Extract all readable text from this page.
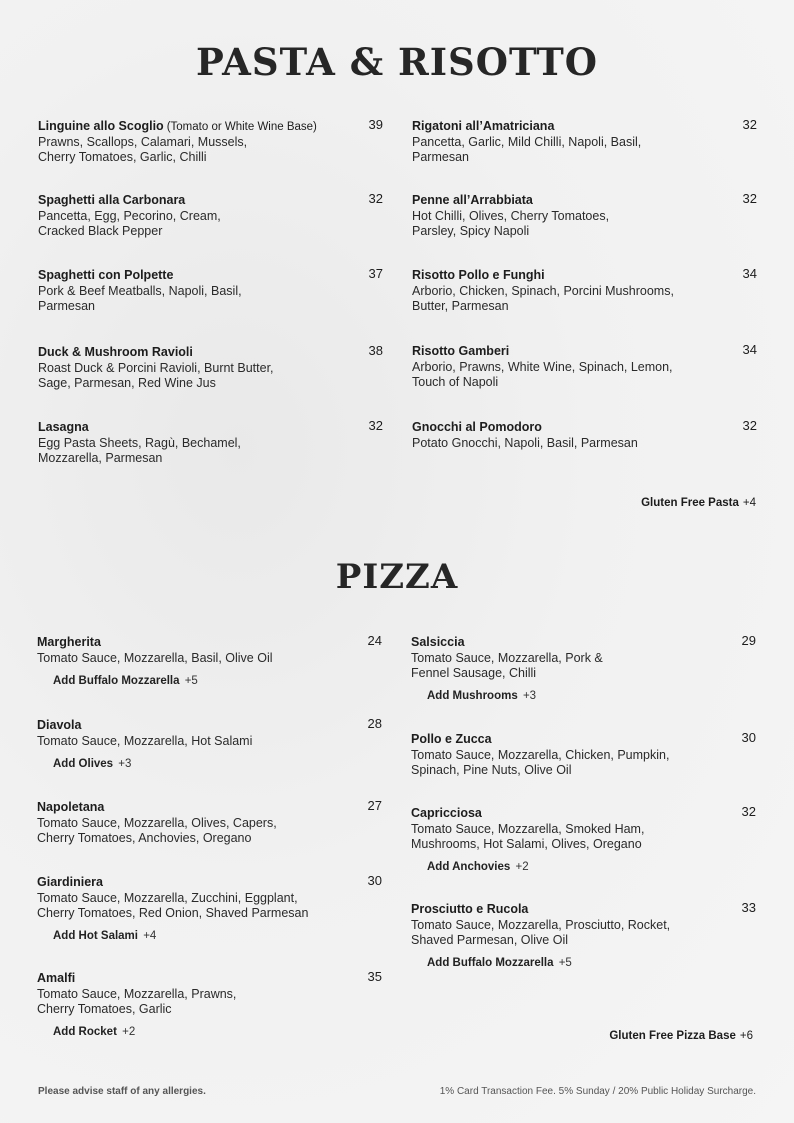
PASTA & RISOTTO
Linguine allo Scoglio (Tomato or White Wine Base)	39
Prawns, Scallops, Calamari, Mussels,
Cherry Tomatoes, Garlic, Chilli
Spaghetti alla Carbonara	32
Pancetta, Egg, Pecorino, Cream,
Cracked Black Pepper
Spaghetti con Polpette	37
Pork & Beef Meatballs, Napoli, Basil,
Parmesan
Duck & Mushroom Ravioli	38
Roast Duck & Porcini Ravioli, Burnt Butter,
Sage, Parmesan, Red Wine Jus
Lasagna	32
Egg Pasta Sheets, Ragù, Bechamel,
Mozzarella, Parmesan
Rigatoni all’Amatriciana	32
Pancetta, Garlic, Mild Chilli, Napoli, Basil,
Parmesan
Penne all’Arrabbiata	32
Hot Chilli, Olives, Cherry Tomatoes,
Parsley, Spicy Napoli
Risotto Pollo e Funghi	34
Arborio, Chicken, Spinach, Porcini Mushrooms,
Butter, Parmesan
Risotto Gamberi	34
Arborio, Prawns, White Wine, Spinach, Lemon,
Touch of Napoli
Gnocchi al Pomodoro	32
Potato Gnocchi, Napoli, Basil, Parmesan
Gluten Free Pasta +4
PIZZA
Margherita	24
Tomato Sauce, Mozzarella, Basil, Olive Oil
Add Buffalo Mozzarella +5
Diavola	28
Tomato Sauce, Mozzarella, Hot Salami
Add Olives +3
Napoletana	27
Tomato Sauce, Mozzarella, Olives, Capers,
Cherry Tomatoes, Anchovies, Oregano
Giardiniera	30
Tomato Sauce, Mozzarella, Zucchini, Eggplant,
Cherry Tomatoes, Red Onion, Shaved Parmesan
Add Hot Salami +4
Amalfi	35
Tomato Sauce, Mozzarella, Prawns,
Cherry Tomatoes, Garlic
Add Rocket +2
Salsiccia	29
Tomato Sauce, Mozzarella, Pork &
Fennel Sausage, Chilli
Add Mushrooms +3
Pollo e Zucca	30
Tomato Sauce, Mozzarella, Chicken, Pumpkin,
Spinach, Pine Nuts, Olive Oil
Capricciosa	32
Tomato Sauce, Mozzarella, Smoked Ham,
Mushrooms, Hot Salami, Olives, Oregano
Add Anchovies +2
Prosciutto e Rucola	33
Tomato Sauce, Mozzarella, Prosciutto, Rocket,
Shaved Parmesan, Olive Oil
Add Buffalo Mozzarella +5
Gluten Free Pizza Base +6
Please advise staff of any allergies.	1% Card Transaction Fee. 5% Sunday / 20% Public Holiday Surcharge.
